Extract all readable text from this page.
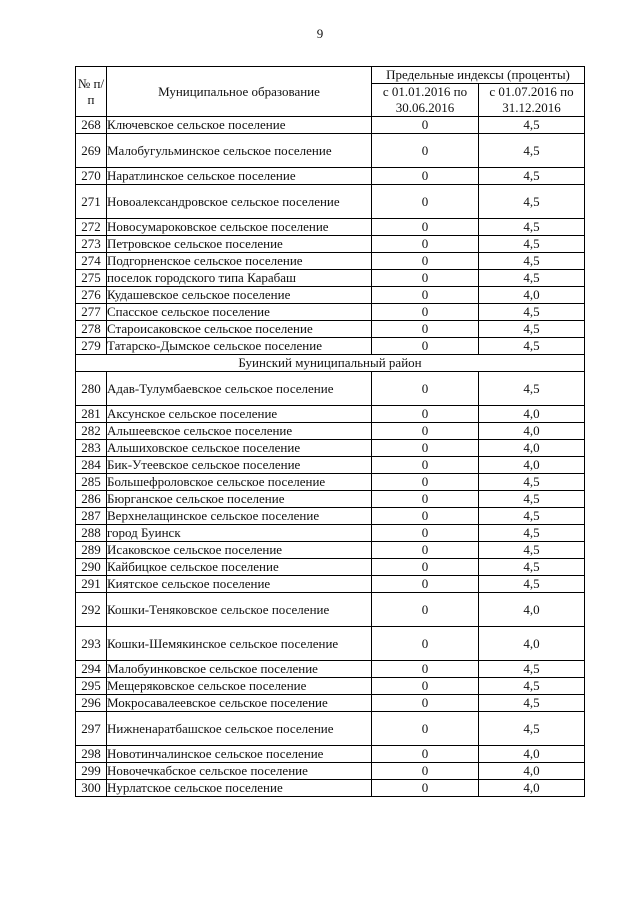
9
№ п/п	Муниципальное образование	Предельные индексы (проценты)	
		с 01.01.2016 по 30.06.2016	с 01.07.2016 по 31.12.2016
268	Ключевское сельское поселение	0	4,5
269	Малобугульминское сельское поселение	0	4,5
270	Наратлинское сельское поселение	0	4,5
271	Новоалександровское сельское поселение	0	4,5
272	Новосумароковское сельское поселение	0	4,5
273	Петровское сельское поселение	0	4,5
274	Подгорненское сельское поселение	0	4,5
275	поселок городского типа Карабаш	0	4,5
276	Кудашевское сельское поселение	0	4,0
277	Спасское сельское поселение	0	4,5
278	Староисаковское сельское поселение	0	4,5
279	Татарско-Дымское сельское поселение	0	4,5
Буинский муниципальный район			
280	Адав-Тулумбаевское сельское поселение	0	4,5
281	Аксунское сельское поселение	0	4,0
282	Альшеевское сельское поселение	0	4,0
283	Альшиховское сельское поселение	0	4,0
284	Бик-Утеевское сельское поселение	0	4,0
285	Большефроловское сельское поселение	0	4,5
286	Бюрганское сельское поселение	0	4,5
287	Верхнелащинское сельское поселение	0	4,5
288	город Буинск	0	4,5
289	Исаковское сельское поселение	0	4,5
290	Кайбицкое сельское поселение	0	4,5
291	Киятское сельское поселение	0	4,5
292	Кошки-Теняковское сельское поселение	0	4,0
293	Кошки-Шемякинское сельское поселение	0	4,0
294	Малобуинковское сельское поселение	0	4,5
295	Мещеряковское сельское поселение	0	4,5
296	Мокросавалеевское сельское поселение	0	4,5
297	Нижненаратбашское сельское поселение	0	4,5
298	Новотинчалинское сельское поселение	0	4,0
299	Новочечкабское сельское поселение	0	4,0
300	Нурлатское сельское поселение	0	4,0
